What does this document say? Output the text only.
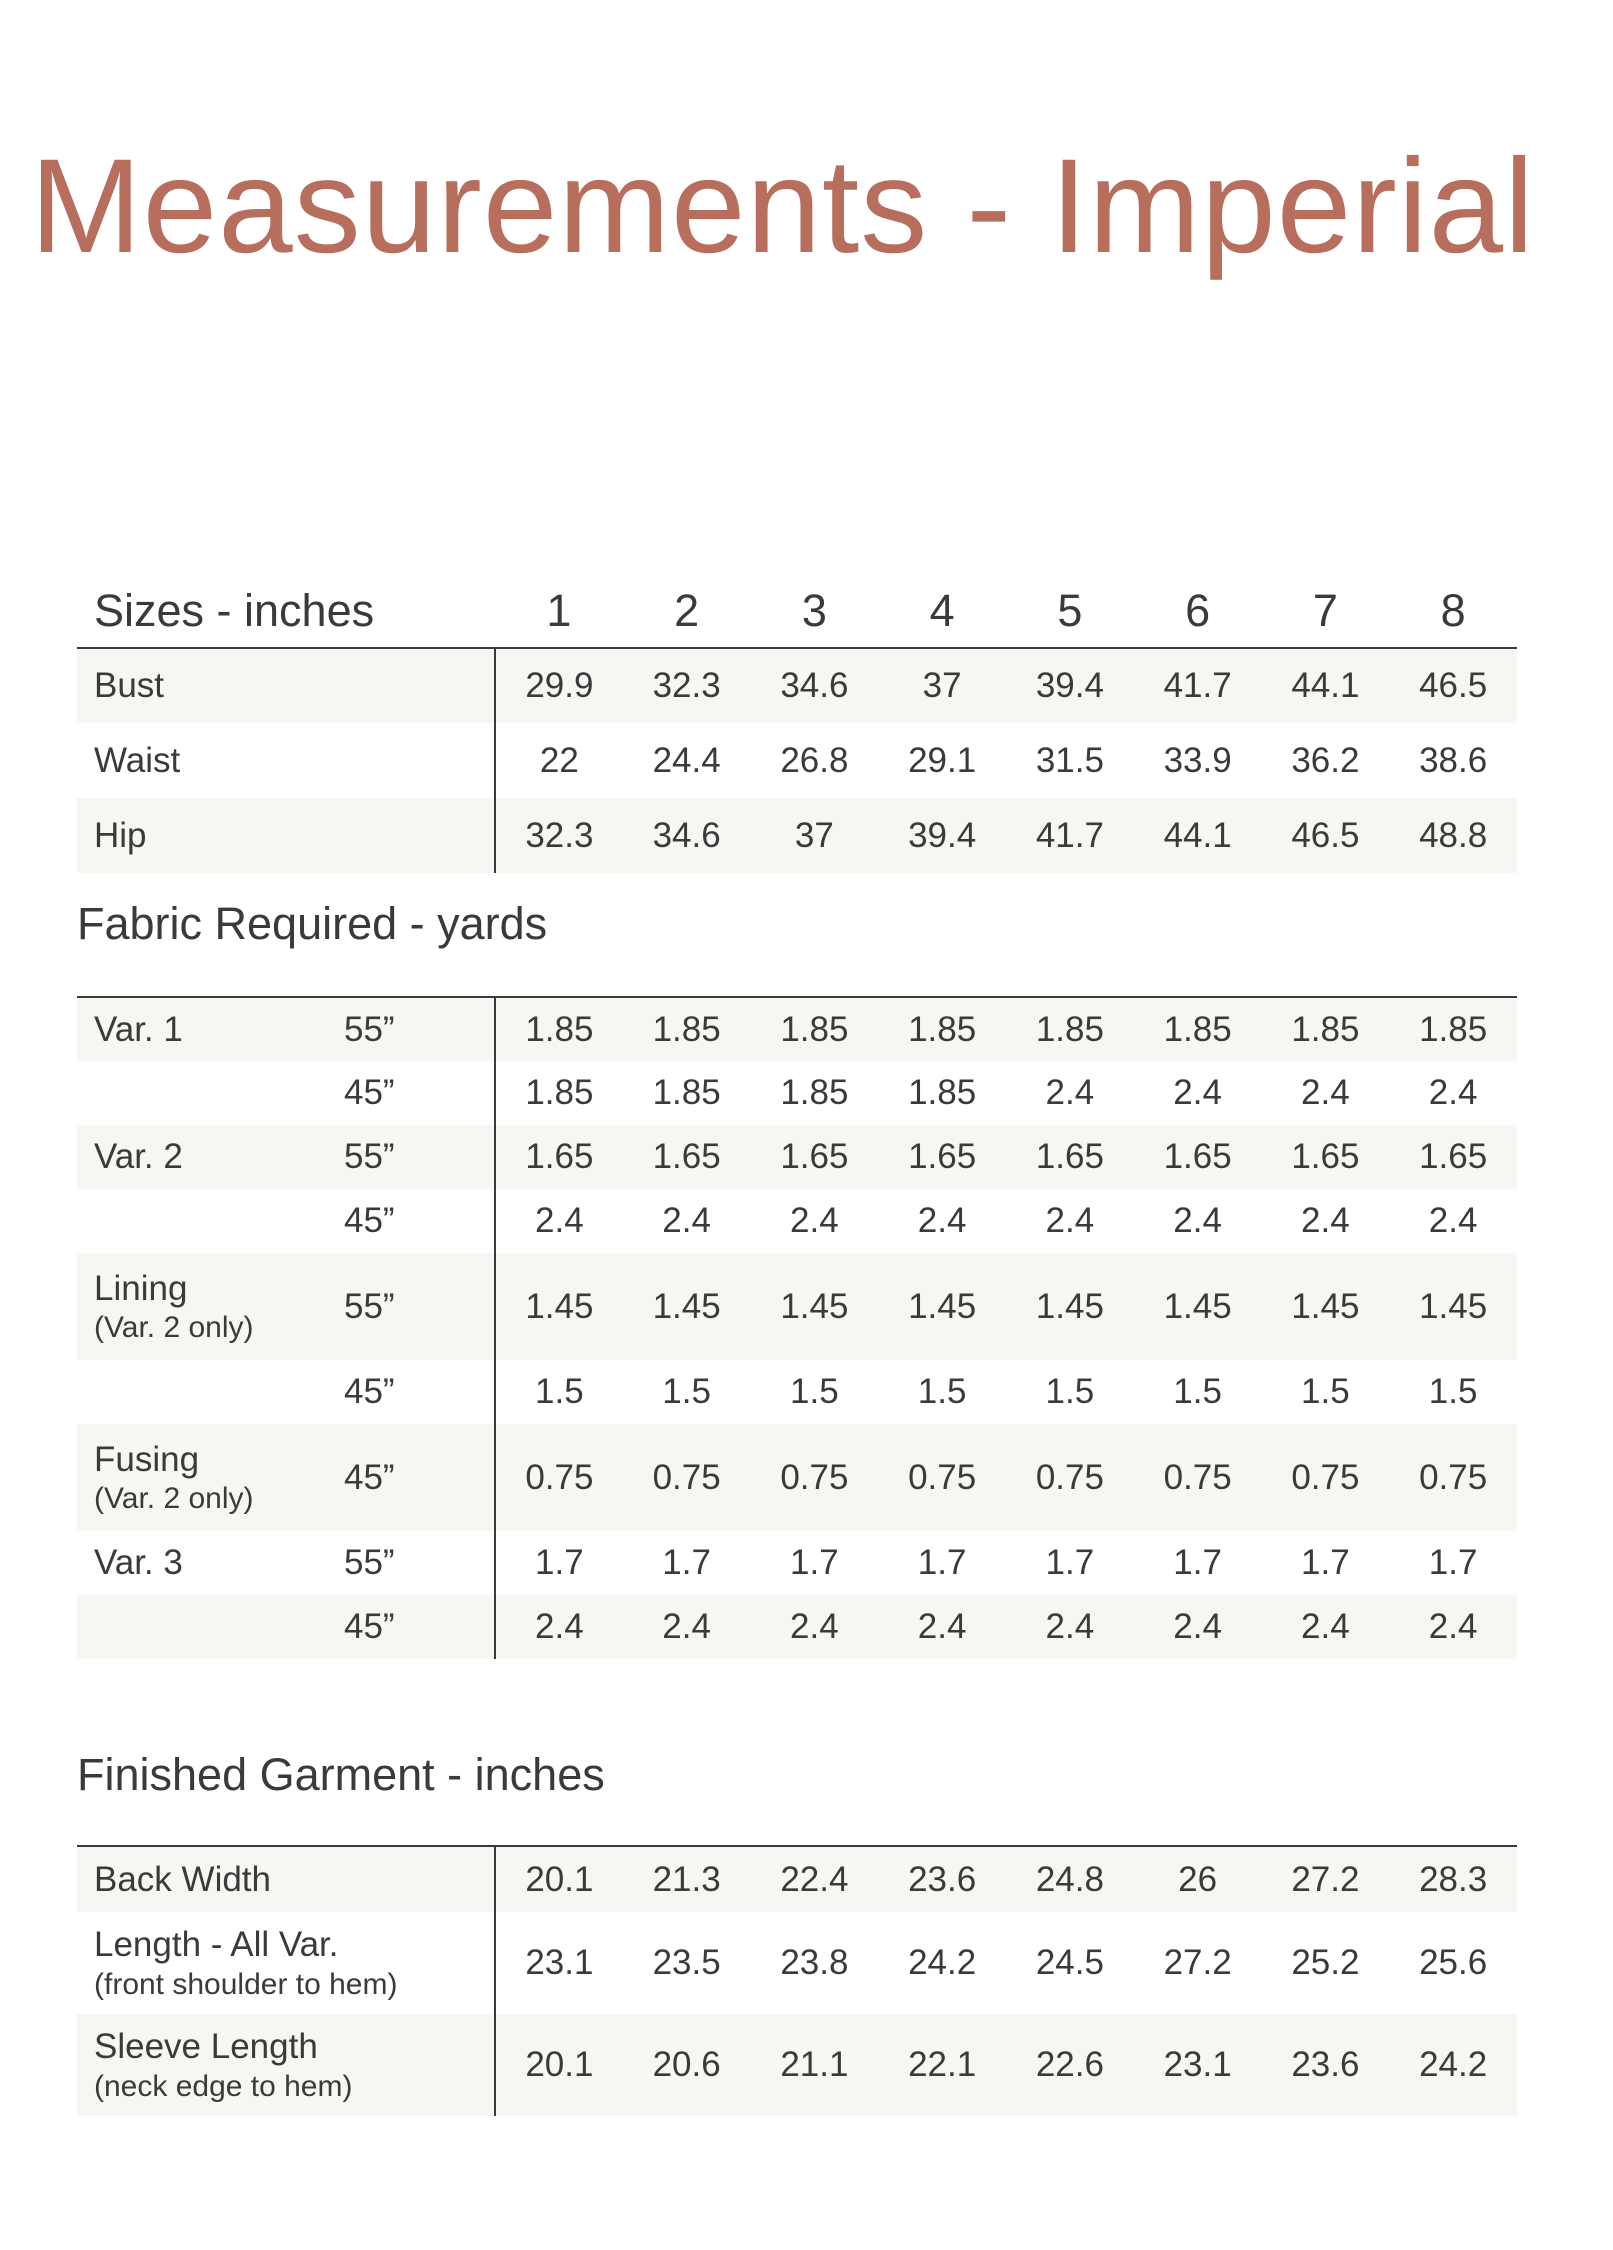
Measurements - Imperial
Sizes - inches	1	2	3	4	5	6	7	8
Bust	29.9	32.3	34.6	37	39.4	41.7	44.1	46.5
Waist	22	24.4	26.8	29.1	31.5	33.9	36.2	38.6
Hip	32.3	34.6	37	39.4	41.7	44.1	46.5	48.8
Fabric Required - yards
Var. 1	55”	1.85	1.85	1.85	1.85	1.85	1.85	1.85	1.85
	45”	1.85	1.85	1.85	1.85	2.4	2.4	2.4	2.4
Var. 2	55”	1.65	1.65	1.65	1.65	1.65	1.65	1.65	1.65
	45”	2.4	2.4	2.4	2.4	2.4	2.4	2.4	2.4
Lining
(Var. 2 only)	55”	1.45	1.45	1.45	1.45	1.45	1.45	1.45	1.45
	45”	1.5	1.5	1.5	1.5	1.5	1.5	1.5	1.5
Fusing
(Var. 2 only)	45”	0.75	0.75	0.75	0.75	0.75	0.75	0.75	0.75
Var. 3	55”	1.7	1.7	1.7	1.7	1.7	1.7	1.7	1.7
	45”	2.4	2.4	2.4	2.4	2.4	2.4	2.4	2.4
Finished Garment - inches
Back Width	20.1	21.3	22.4	23.6	24.8	26	27.2	28.3
Length - All Var.
(front shoulder to hem)	23.1	23.5	23.8	24.2	24.5	27.2	25.2	25.6
Sleeve Length
(neck edge to hem)	20.1	20.6	21.1	22.1	22.6	23.1	23.6	24.2
